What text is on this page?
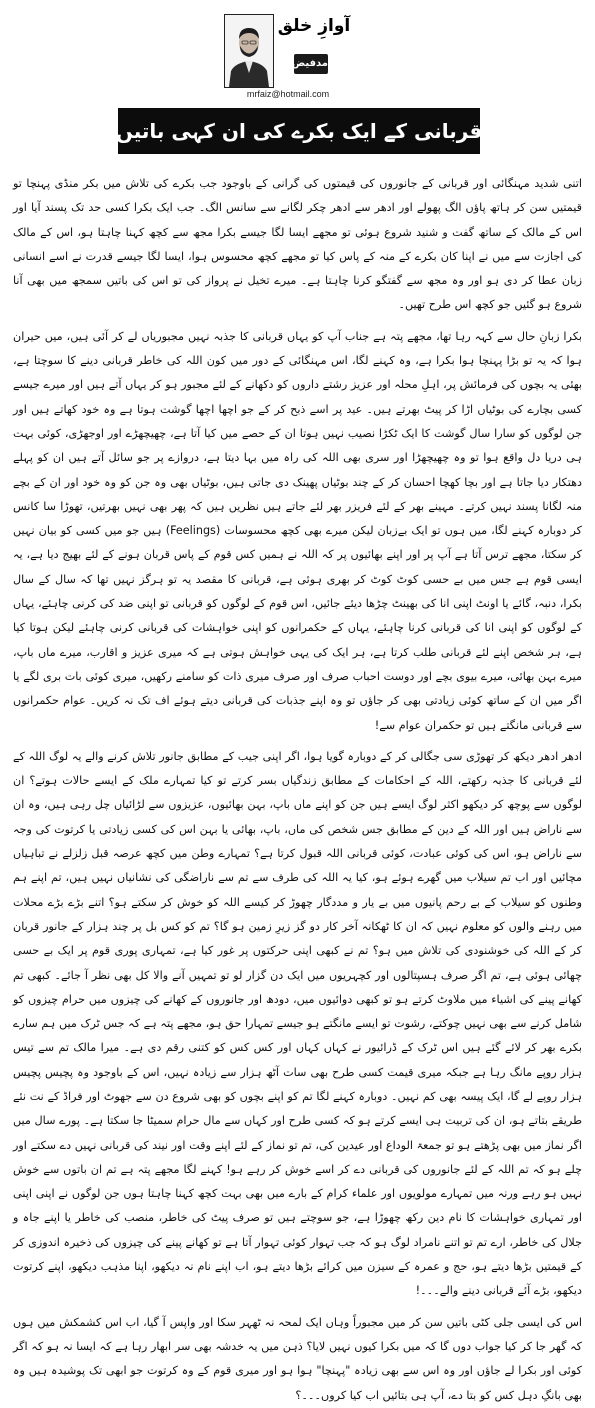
آوازِ خلق
مدفیض
mrfaiz@hotmail.com
قربانی کے ایک بکرے کی ان کہی باتیں

اتنی شدید مہنگائی اور قربانی کے جانوروں کی قیمتوں کی گرانی کے باوجود جب بکرے کی تلاش میں بکر منڈی پہنچا تو قیمتیں سن کر ہاتھ پاؤں الگ پھولے اور ادھر سے ادھر چکر لگانے سے سانس الگ۔ جب ایک بکرا کسی حد تک پسند آیا اور اس کے مالک کے ساتھ گفت و شنید شروع ہوئی تو مجھے ایسا لگا جیسے بکرا مجھ سے کچھ کہنا چاہتا ہو، اس کے مالک کی اجازت سے میں نے اپنا کان بکرے کے منہ کے پاس کیا تو مجھے کچھ محسوس ہوا، ایسا لگا جیسے قدرت نے اسے انسانی زبان عطا کر دی ہو اور وہ مجھ سے گفتگو کرنا چاہتا ہے۔ میرے تخیل نے پرواز کی تو اس کی باتیں سمجھ میں بھی آنا شروع ہو گئیں جو کچھ اس طرح تھیں۔

بکرا زبانِ حال سے کہہ رہا تھا، مجھے پتہ ہے جناب آپ کو یہاں قربانی کا جذبہ نہیں مجبوریاں لے کر آئی ہیں، میں حیران ہوا کہ یہ تو بڑا پہنچا ہوا بکرا ہے، وہ کہنے لگا، اس مہنگائی کے دور میں کون اللہ کی خاطر قربانی دینے کا سوچتا ہے، بھئی یہ بچوں کی فرمائش پر، اہلِ محلہ اور عزیز رشتے داروں کو دکھانے کے لئے مجبور ہو کر یہاں آتے ہیں اور میرے جیسے کسی بچارے کی بوٹیاں اڑا کر پیٹ بھرتے ہیں۔ عید پر اسے ذبح کر کے جو اچھا اچھا گوشت ہوتا ہے وہ خود کھاتے ہیں اور جن لوگوں کو سارا سال گوشت کا ایک ٹکڑا نصیب نہیں ہوتا ان کے حصے میں کیا آتا ہے، چھیچھڑے اور اوجھڑی، کوئی بہت ہی دریا دل واقع ہوا تو وہ چھیچھڑا اور سری بھی اللہ کی راہ میں بہا دیتا ہے، دروازے پر جو سائل آتے ہیں ان کو پہلے دھتکار دیا جاتا ہے اور بچا کھچا احسان کر کے چند بوٹیاں پھینک دی جاتی ہیں، بوٹیاں بھی وہ جن کو وہ خود اور ان کے بچے منہ لگانا پسند نہیں کرتے۔ مہینے بھر کے لئے فریزر بھر لئے جاتے ہیں نظریں ہیں کہ پھر بھی نہیں بھرتیں، تھوڑا سا کانس کر دوبارہ کہنے لگا، میں ہوں تو ایک بےزبان لیکن میرے بھی کچھ محسوسات (Feelings) ہیں جو میں کسی کو بیان نہیں کر سکتا، مجھے ترس آتا ہے آپ پر اور اپنے بھائیوں پر کہ اللہ نے ہمیں کس قوم کے پاس قربان ہونے کے لئے بھیج دیا ہے، یہ ایسی قوم ہے جس میں بے حسی کوٹ کوٹ کر بھری ہوئی ہے، قربانی کا مقصد یہ تو ہرگز نہیں تھا کہ سال کے سال بکرا، دنبہ، گائے یا اونٹ اپنی انا کی بھینٹ چڑھا دیئے جائیں، اس قوم کے لوگوں کو قربانی تو اپنی ضد کی کرنی چاہئے، یہاں کے لوگوں کو اپنی انا کی قربانی کرنا چاہئے، یہاں کے حکمرانوں کو اپنی خواہشات کی قربانی کرنی چاہئے لیکن ہوتا کیا ہے، ہر شخص اپنے لئے قربانی طلب کرتا ہے، ہر ایک کی یہی خواہش ہوتی ہے کہ میری عزیز و اقارب، میرے ماں باپ، میرے بہن بھائی، میرے بیوی بچے اور دوست احباب صرف اور صرف میری ذات کو سامنے رکھیں، میری کوئی بات بری لگے یا اگر میں ان کے ساتھ کوئی زیادتی بھی کر جاؤں تو وہ اپنے جذبات کی قربانی دیتے ہوئے اف تک نہ کریں۔ عوام حکمرانوں سے قربانی مانگتے ہیں تو حکمران عوام سے!

ادھر ادھر دیکھ کر تھوڑی سی جگالی کر کے دوبارہ گویا ہوا، اگر اپنی جیب کے مطابق جانور تلاش کرنے والے یہ لوگ اللہ کے لئے قربانی کا جذبہ رکھتے، اللہ کے احکامات کے مطابق زندگیاں بسر کرتے تو کیا تمہارے ملک کے ایسے حالات ہوتے؟ ان لوگوں سے پوچھ کر دیکھو اکثر لوگ ایسے ہیں جن کو اپنے ماں باپ، بہن بھائیوں، عزیزوں سے لڑائیاں چل رہی ہیں، وہ ان سے ناراض ہیں اور اللہ کے دین کے مطابق جس شخص کی ماں، باپ، بھائی یا بہن اس کی کسی زیادتی یا کرتوت کی وجہ سے ناراض ہو، اس کی کوئی عبادت، کوئی قربانی اللہ قبول کرتا ہے؟ تمہارے وطن میں کچھ عرصہ قبل زلزلے نے تباہیاں مچائیں اور اب تم سیلاب میں گھرے ہوئے ہو، کیا یہ اللہ کی طرف سے تم سے ناراضگی کی نشانیاں نہیں ہیں، تم اپنے ہم وطنوں کو سیلاب کے بے رحم پانیوں میں بے یار و مددگار چھوڑ کر کیسے اللہ کو خوش کر سکتے ہو؟ اتنے بڑے بڑے محلات میں رہنے والوں کو معلوم نہیں کہ ان کا ٹھکانہ آخر کار دو گز زیرِ زمین ہو گا؟ تم کو کس بل پر چند ہزار کے جانور قربان کر کے اللہ کی خوشنودی کی تلاش میں ہو؟ تم نے کبھی اپنی حرکتوں پر غور کیا ہے، تمہاری پوری قوم پر ایک بے حسی چھائی ہوئی ہے، تم اگر صرف ہسپتالوں اور کچہریوں میں ایک دن گزار لو تو تمہیں آنے والا کل بھی نظر آ جائے۔ کبھی تم کھانے پینے کی اشیاء میں ملاوٹ کرتے ہو تو کبھی دوائیوں میں، دودھ اور جانوروں کے کھانے کی چیزوں میں حرام چیزوں کو شامل کرنے سے بھی نہیں چوکتے، رشوت تو ایسے مانگتے ہو جیسے تمہارا حق ہو، مجھے پتہ ہے کہ جس ٹرک میں ہم سارے بکرے بھر کر لائے گئے ہیں اس ٹرک کے ڈرائیور نے کہاں کہاں اور کس کس کو کتنی رقم دی ہے۔ میرا مالک تم سے تیس ہزار روپے مانگ رہا ہے جبکہ میری قیمت کسی طرح بھی سات آٹھ ہزار سے زیادہ نہیں، اس کے باوجود وہ پچیس پچیس ہزار روپے لے گا، ایک پیسہ بھی کم نہیں۔ دوبارہ کہنے لگا تم کو اپنے بچوں کو بھی شروع دن سے جھوٹ اور فراڈ کے نت نئے طریقے بتاتے ہو، ان کی تربیت ہی ایسے کرتے ہو کہ کسی طرح اور کہاں سے مال حرام سمیٹا جا سکتا ہے۔ پورے سال میں اگر نماز میں بھی پڑھتے ہو تو جمعۃ الوداع اور عیدین کی، تم تو نماز کے لئے اپنے وقت اور نیند کی قربانی نہیں دے سکتے اور چلے ہو کہ تم اللہ کے لئے جانوروں کی قربانی دے کر اسے خوش کر رہے ہو! کہنے لگا مجھے پتہ ہے تم ان باتوں سے خوش نہیں ہو رہے ورنہ میں تمہارے مولویوں اور علماء کرام کے بارے میں بھی بہت کچھ کہنا چاہتا ہوں جن لوگوں نے اپنی اپنی اور تمہاری خواہشات کا نام دین رکھ چھوڑا ہے، جو سوچتے ہیں تو صرف پیٹ کی خاطر، منصب کی خاطر یا اپنے جاہ و جلال کی خاطر، ارے تم تو اتنے نامراد لوگ ہو کہ جب تہوار کوئی تہوار آتا ہے تو کھانے پینے کی چیزوں کی ذخیرہ اندوزی کر کے قیمتیں بڑھا دیتے ہو، حج و عمرہ کے سیزن میں کرائے بڑھا دیتے ہو، اب اپنے نام نہ دیکھو، اپنا مذہب دیکھو، اپنے کرتوت دیکھو، بڑے آئے قربانی دینے والے۔۔۔!

اس کی ایسی جلی کٹی باتیں سن کر میں مجبوراً وہاں ایک لمحہ نہ ٹھہر سکا اور واپس آ گیا، اب اس کشمکش میں ہوں کہ گھر جا کر کیا جواب دوں گا کہ میں بکرا کیوں نہیں لایا؟ ذہن میں یہ خدشہ بھی سر ابھار رہا ہے کہ ایسا نہ ہو کہ اگر کوئی اور بکرا لے جاؤں اور وہ اس سے بھی زیادہ "پہنچا" ہوا ہو اور میری قوم کے وہ کرتوت جو ابھی تک پوشیدہ ہیں وہ بھی بانگِ دہل کس کو بتا دے، آپ ہی بتائیں اب کیا کروں۔۔۔؟
